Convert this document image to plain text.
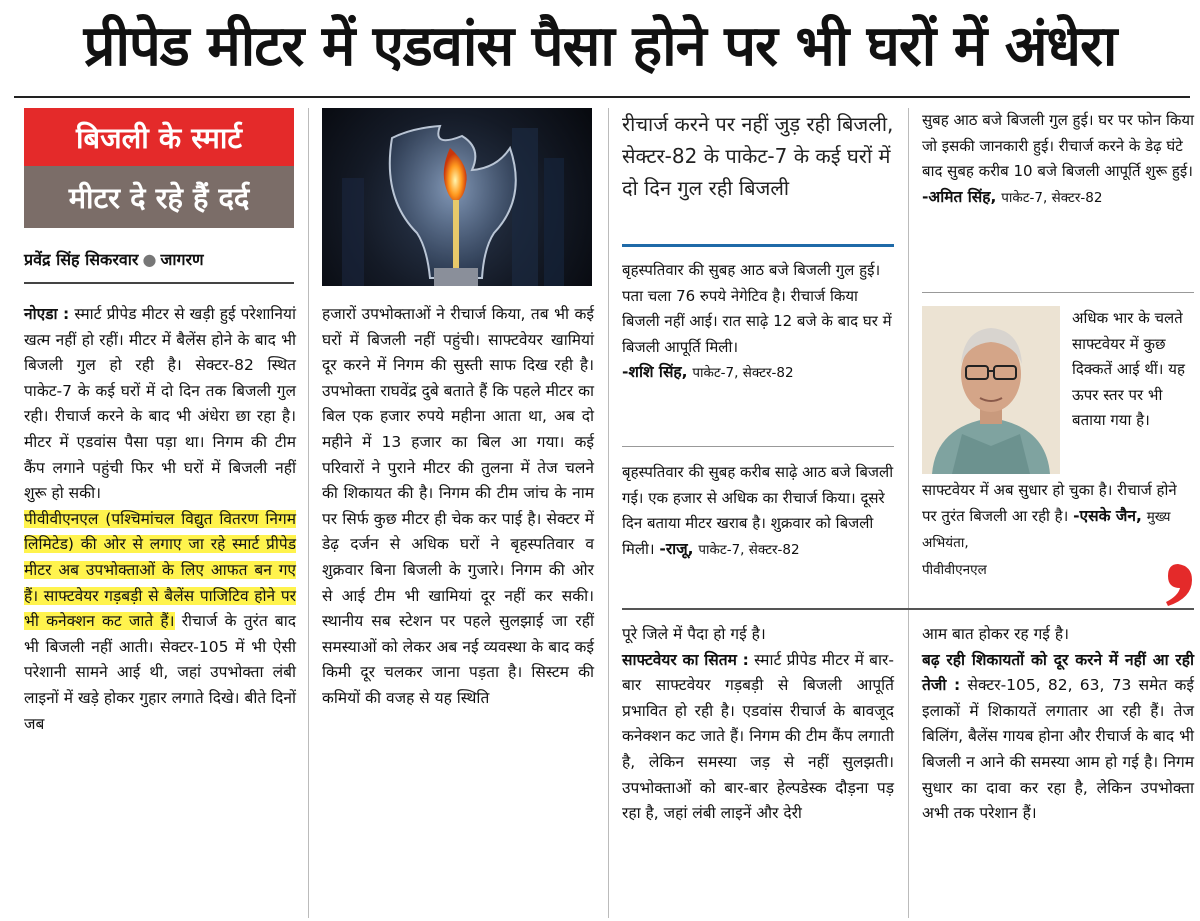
प्रीपेड मीटर में एडवांस पैसा होने पर भी घरों में अंधेरा
बिजली के स्मार्ट
मीटर दे रहे हैं दर्द
प्रवेंद्र सिंह सिकरवार ● जागरण

नोएडा : स्मार्ट प्रीपेड मीटर से खड़ी हुई परेशानियां खत्म नहीं हो रहीं। मीटर में बैलेंस होने के बाद भी बिजली गुल हो रही है। सेक्टर-82 स्थित पाकेट-7 के कई घरों में दो दिन तक बिजली गुल रही। रीचार्ज करने के बाद भी अंधेरा छा रहा है। मीटर में एडवांस पैसा पड़ा था। निगम की टीम कैंप लगाने पहुंची फिर भी घरों में बिजली नहीं शुरू हो सकी।

पीवीवीएनएल (पश्चिमांचल विद्युत वितरण निगम लिमिटेड) की ओर से लगाए जा रहे स्मार्ट प्रीपेड मीटर अब उपभोक्ताओं के लिए आफत बन गए हैं। साफ्टवेयर गड़बड़ी से बैलेंस पाजिटिव होने पर भी कनेक्शन कट जाते हैं। रीचार्ज के तुरंत बाद भी बिजली नहीं आती। सेक्टर-105 में भी ऐसी परेशानी सामने आई थी, जहां उपभोक्ता लंबी लाइनों में खड़े होकर गुहार लगाते दिखे। बीते दिनों जब

हजारों उपभोक्ताओं ने रीचार्ज किया, तब भी कई घरों में बिजली नहीं पहुंची। साफ्टवेयर खामियां दूर करने में निगम की सुस्ती साफ दिख रही है। उपभोक्ता राघवेंद्र दुबे बताते हैं कि पहले मीटर का बिल एक हजार रुपये महीना आता था, अब दो महीने में 13 हजार का बिल आ गया। कई परिवारों ने पुराने मीटर की तुलना में तेज चलने की शिकायत की है। निगम की टीम जांच के नाम पर सिर्फ कुछ मीटर ही चेक कर पाई है। सेक्टर में डेढ़ दर्जन से अधिक घरों ने बृहस्पतिवार व शुक्रवार बिना बिजली के गुजारे। निगम की ओर से आई टीम भी खामियां दूर नहीं कर सकी। स्थानीय सब स्टेशन पर पहले सुलझाई जा रहीं समस्याओं को लेकर अब नई व्यवस्था के बाद कई किमी दूर चलकर जाना पड़ता है। सिस्टम की कमियों की वजह से यह स्थिति

रीचार्ज करने पर नहीं जुड़ रही बिजली, सेक्टर-82 के पाकेट-7 के कई घरों में दो दिन गुल रही बिजली
बृहस्पतिवार की सुबह आठ बजे बिजली गुल हुई। पता चला 76 रुपये नेगेटिव है। रीचार्ज किया बिजली नहीं आई। रात साढ़े 12 बजे के बाद घर में बिजली आपूर्ति मिली।
-शशि सिंह, पाकेट-7, सेक्टर-82
बृहस्पतिवार की सुबह करीब साढ़े आठ बजे बिजली गई। एक हजार से अधिक का रीचार्ज किया। दूसरे दिन बताया मीटर खराब है। शुक्रवार को बिजली मिली। -राजू, पाकेट-7, सेक्टर-82
सुबह आठ बजे बिजली गुल हुई। घर पर फोन किया जो इसकी जानकारी हुई। रीचार्ज करने के डेढ़ घंटे बाद सुबह करीब 10 बजे बिजली आपूर्ति शुरू हुई।
-अमित सिंह, पाकेट-7, सेक्टर-82
अधिक भार के चलते साफ्टवेयर में कुछ दिक्कतें आई थीं। यह ऊपर स्तर पर भी बताया गया है।
साफ्टवेयर में अब सुधार हो चुका है। रीचार्ज होने पर तुरंत बिजली आ रही है। -एसके जैन, मुख्य अभियंता,
पीवीवीएनएल

पूरे जिले में पैदा हो गई है।

साफ्टवेयर का सितम : स्मार्ट प्रीपेड मीटर में बार-बार साफ्टवेयर गड़बड़ी से बिजली आपूर्ति प्रभावित हो रही है। एडवांस रीचार्ज के बावजूद कनेक्शन कट जाते हैं। निगम की टीम कैंप लगाती है, लेकिन समस्या जड़ से नहीं सुलझती। उपभोक्ताओं को बार-बार हेल्पडेस्क दौड़ना पड़ रहा है, जहां लंबी लाइनें और देरी

आम बात होकर रह गई है।

बढ़ रही शिकायतों को दूर करने में नहीं आ रही तेजी : सेक्टर-105, 82, 63, 73 समेत कई इलाकों में शिकायतें लगातार आ रही हैं। तेज बिलिंग, बैलेंस गायब होना और रीचार्ज के बाद भी बिजली न आने की समस्या आम हो गई है। निगम सुधार का दावा कर रहा है, लेकिन उपभोक्ता अभी तक परेशान हैं।
